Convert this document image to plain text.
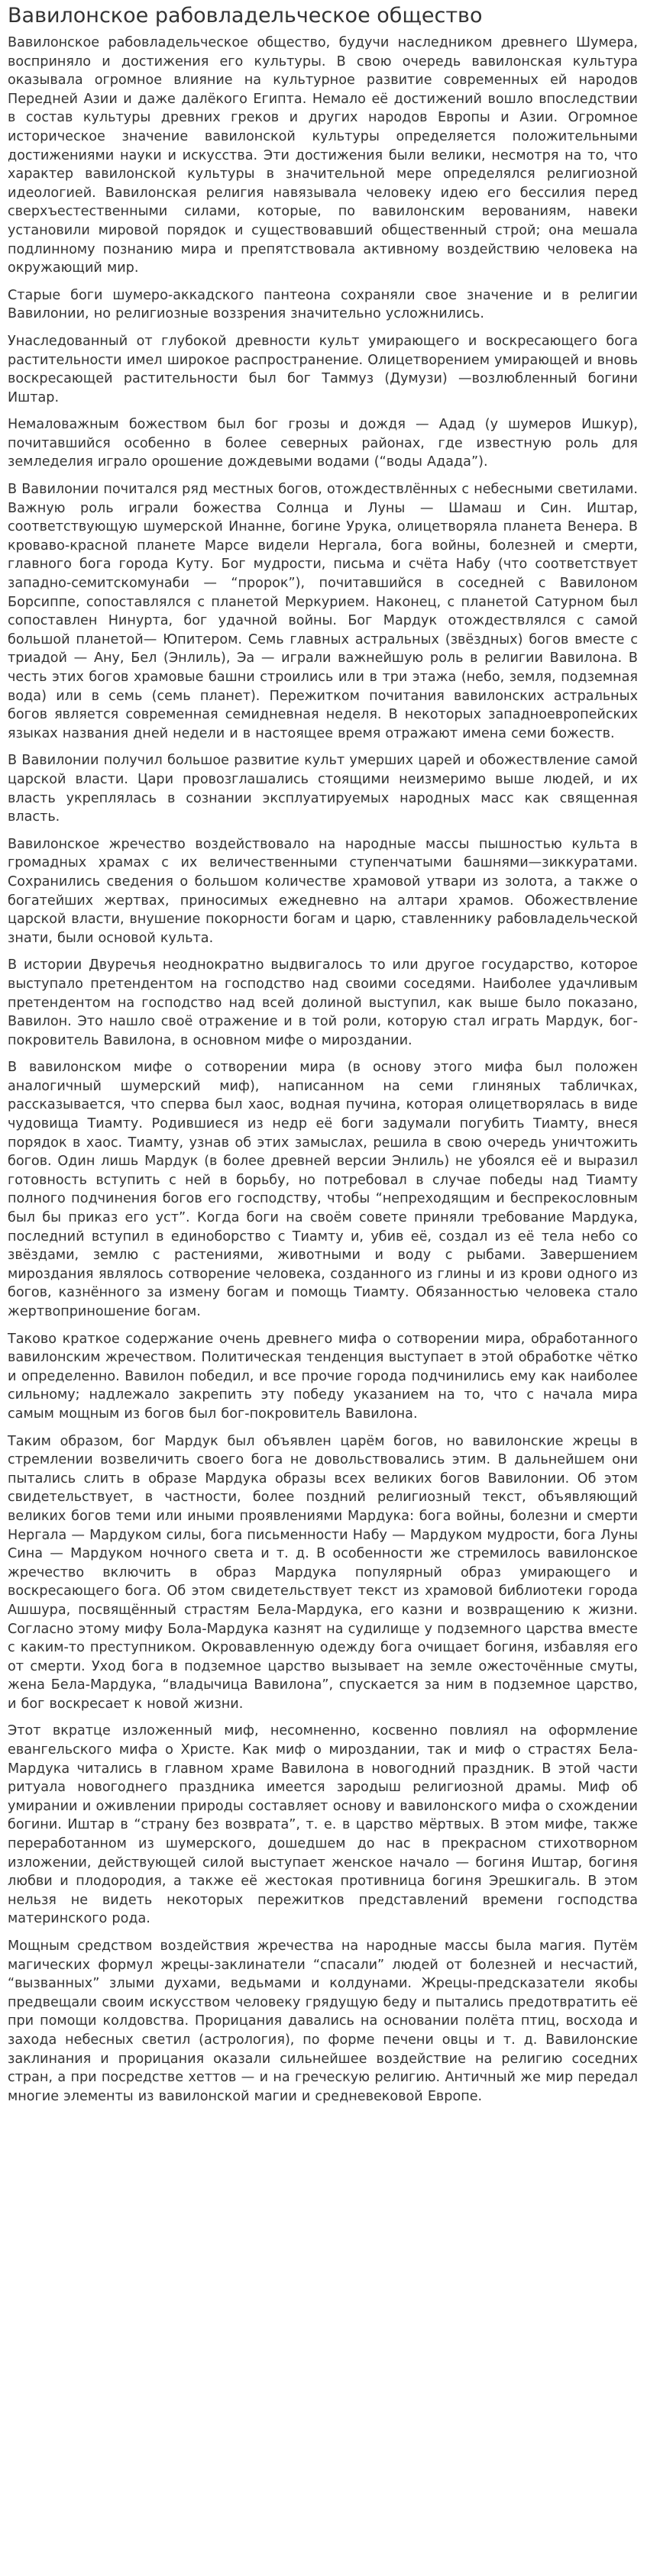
Вавилонское рабовладельческое общество

Вавилонское рабовладельческое общество, будучи наследником древнего Шумера, восприняло и достижения его культуры. В свою очередь вавилонская культура оказывала огромное влияние на культурное развитие современных ей народов Передней Азии и даже далёкого Египта. Немало её достижений вошло впоследствии в состав культуры древних греков и других народов Европы и Азии. Огромное историческое значение вавилонской культуры определяется положительными достижениями науки и искусства. Эти достижения были велики, несмотря на то, что характер вавилонской культуры в значительной мере определялся религиозной идеологией. Вавилонская религия навязывала человеку идею его бессилия перед сверхъестественными силами, которые, по вавилонским верованиям, навеки установили мировой порядок и существовавший общественный строй; она мешала подлинному познанию мира и препятствовала активному воздействию человека на окружающий мир.

Старые боги шумеро-аккадского пантеона сохраняли свое значение и в религии Вавилонии, но религиозные воззрения значительно усложнились.

Унаследованный от глубокой древности культ умирающего и воскресающего бога растительности имел широкое распространение. Олицетворением умирающей и вновь воскресающей растительности был бог Таммуз (Думузи) —возлюбленный богини Иштар.

Немаловажным божеством был бог грозы и дождя — Адад (у шумеров Ишкур), почитавшийся особенно в более северных районах, где известную роль для земледелия играло орошение дождевыми водами (“воды Адада”).

В Вавилонии почитался ряд местных богов, отождествлённых с небесными светилами. Важную роль играли божества Солнца и Луны — Шамаш и Син. Иштар, соответствующую шумерской Инанне, богине Урука, олицетворяла планета Венера. В кроваво-красной планете Марсе видели Нергала, бога войны, болезней и смерти, главного бога города Куту. Бог мудрости, письма и счёта Набу (что соответствует западно-семитскомунаби — “пророк”), почитавшийся в соседней с Вавилоном Борсиппе, сопоставлялся с планетой Меркурием. Наконец, с планетой Сатурном был сопоставлен Нинурта, бог удачной войны. Бог Мардук отождествлялся с самой большой планетой— Юпитером. Семь главных астральных (звёздных) богов вместе с триадой — Ану, Бел (Энлиль), Эа — играли важнейшую роль в религии Вавилона. В честь этих богов храмовые башни строились или в три этажа (небо, земля, подземная вода) или в семь (семь планет). Пережитком почитания вавилонских астральных богов является современная семидневная неделя. В некоторых западноевропейских языках названия дней недели и в настоящее время отражают имена семи божеств.

В Вавилонии получил большое развитие культ умерших царей и обожествление самой царской власти. Цари провозглашались стоящими неизмеримо выше людей, и их власть укреплялась в сознании эксплуатируемых народных масс как священная власть.

Вавилонское жречество воздействовало на народные массы пышностью культа в громадных храмах с их величественными ступенчатыми башнями—зиккуратами. Сохранились сведения о большом количестве храмовой утвари из золота, а также о богатейших жертвах, приносимых ежедневно на алтари храмов. Обожествление царской власти, внушение покорности богам и царю, ставленнику рабовладельческой знати, были основой культа.

В истории Двуречья неоднократно выдвигалось то или другое государство, которое выступало претендентом на господство над своими соседями. Наиболее удачливым претендентом на господство над всей долиной выступил, как выше было показано, Вавилон. Это нашло своё отражение и в той роли, которую стал играть Мардук, бог-покровитель Вавилона, в основном мифе о мироздании.

В вавилонском мифе о сотворении мира (в основу этого мифа был положен аналогичный шумерский миф), написанном на семи глиняных табличках, рассказывается, что сперва был хаос, водная пучина, которая олицетворялась в виде чудовища Тиамту. Родившиеся из недр её боги задумали погубить Тиамту, внеся порядок в хаос. Тиамту, узнав об этих замыслах, решила в свою очередь уничтожить богов. Один лишь Мардук (в более древней версии Энлиль) не убоялся её и выразил готовность вступить с ней в борьбу, но потребовал в случае победы над Тиамту полного подчинения богов его господству, чтобы “непреходящим и беспрекословным был бы приказ его уст”. Когда боги на своём совете приняли требование Мардука, последний вступил в единоборство с Тиамту и, убив её, создал из её тела небо со звёздами, землю с растениями, животными и воду с рыбами. Завершением мироздания являлось сотворение человека, созданного из глины и из крови одного из богов, казнённого за измену богам и помощь Тиамту. Обязанностью человека стало жертвоприношение богам.

Таково краткое содержание очень древнего мифа о сотворении мира, обработанного вавилонским жречеством. Политическая тенденция выступает в этой обработке чётко и определенно. Вавилон победил, и все прочие города подчинились ему как наиболее сильному; надлежало закрепить эту победу указанием на то, что с начала мира самым мощным из богов был бог-покровитель Вавилона.

Таким образом, бог Мардук был объявлен царём богов, но вавилонские жрецы в стремлении возвеличить своего бога не довольствовались этим. В дальнейшем они пытались слить в образе Мардука образы всех великих богов Вавилонии. Об этом свидетельствует, в частности, более поздний религиозный текст, объявляющий великих богов теми или иными проявлениями Мардука: бога войны, болезни и смерти Нергала — Мардуком силы, бога письменности Набу — Мардуком мудрости, бога Луны Сина — Мардуком ночного света и т. д. В особенности же стремилось вавилонское жречество включить в образ Мардука популярный образ умирающего и воскресающего бога. Об этом свидетельствует текст из храмовой библиотеки города Ашшура, посвящённый страстям Бела-Мардука, его казни и возвращению к жизни. Согласно этому мифу Бола-Мардука казнят на судилище у подземного царства вместе с каким-то преступником. Окровавленную одежду бога очищает богиня, избавляя его от смерти. Уход бога в подземное царство вызывает на земле ожесточённые смуты, жена Бела-Мардука, “владычица Вавилона”, спускается за ним в подземное царство, и бог воскресает к новой жизни.

Этот вкратце изложенный миф, несомненно, косвенно повлиял на оформление евангельского мифа о Христе. Как миф о мироздании, так и миф о страстях Бела-Мардука читались в главном храме Вавилона в новогодний праздник. В этой части ритуала новогоднего праздника имеется зародыш религиозной драмы. Миф об умирании и оживлении природы составляет основу и вавилонского мифа о схождении богини. Иштар в “страну без возврата”, т. е. в царство мёртвых. В этом мифе, также переработанном из шумерского, дошедшем до нас в прекрасном стихотворном изложении, действующей силой выступает женское начало — богиня Иштар, богиня любви и плодородия, а также её жестокая противница богиня Эрешкигаль. В этом нельзя не видеть некоторых пережитков представлений времени господства материнского рода.

Мощным средством воздействия жречества на народные массы была магия. Путём магических формул жрецы-заклинатели “спасали” людей от болезней и несчастий, “вызванных” злыми духами, ведьмами и колдунами. Жрецы-предсказатели якобы предвещали своим искусством человеку грядущую беду и пытались предотвратить её при помощи колдовства. Прорицания давались на основании полёта птиц, восхода и захода небесных светил (астрология), по форме печени овцы и т. д. Вавилонские заклинания и прорицания оказали сильнейшее воздействие на религию соседних стран, а при посредстве хеттов — и на греческую религию. Античный же мир передал многие элементы из вавилонской магии и средневековой Европе.
